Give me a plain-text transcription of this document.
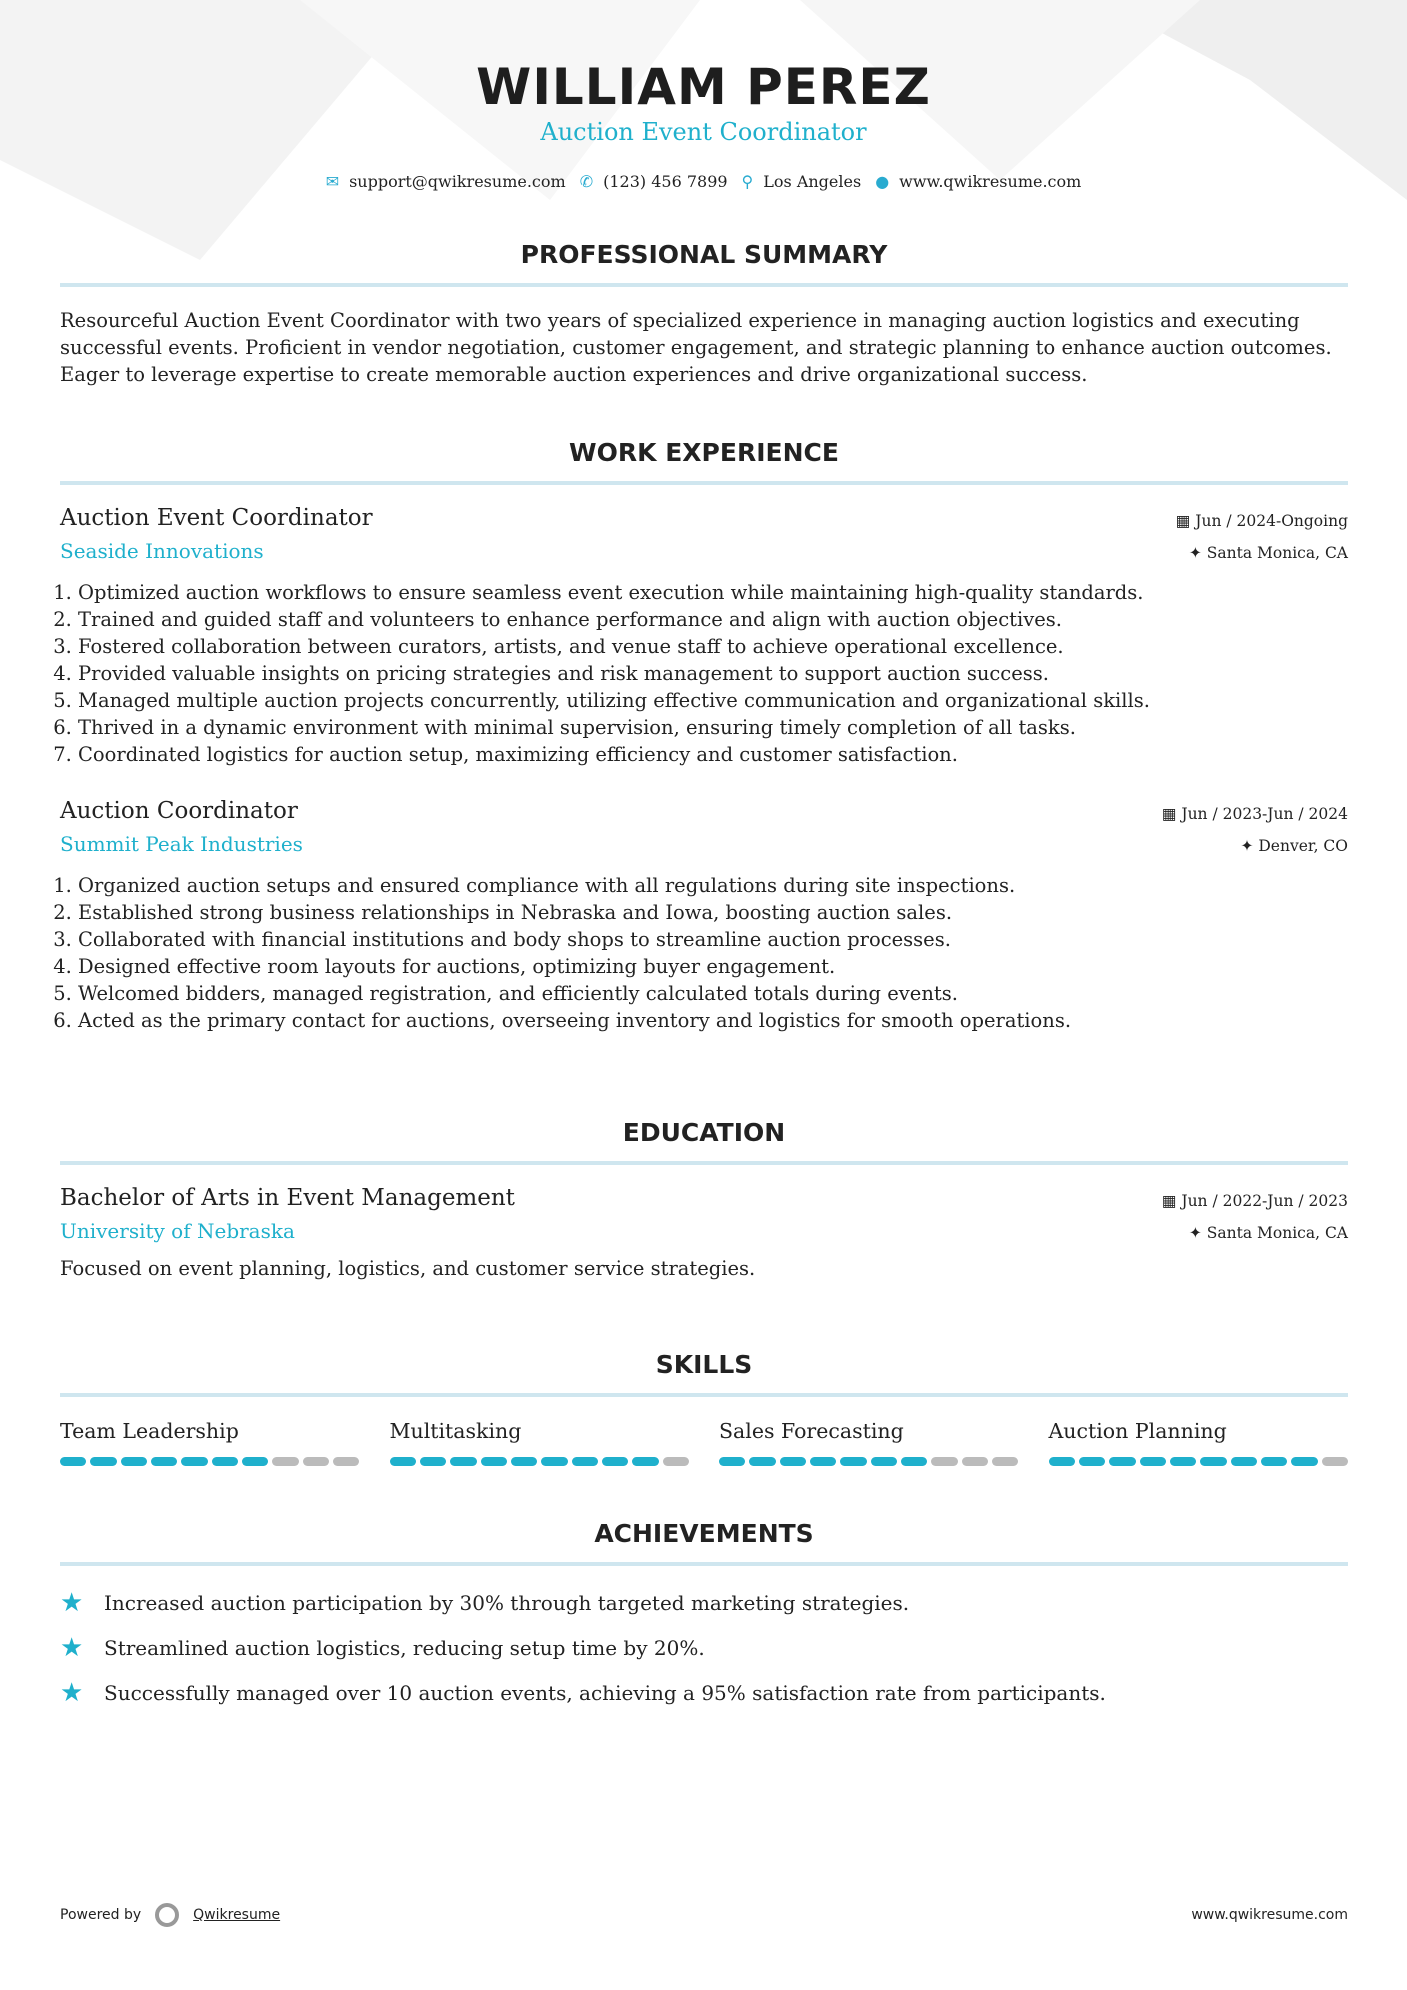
WILLIAM PEREZ
Auction Event Coordinator
✉ support@qwikresume.com ✆ (123) 456 7899 ⚲ Los Angeles ● www.qwikresume.com
PROFESSIONAL SUMMARY
Resourceful Auction Event Coordinator with two years of specialized experience in managing auction logistics and executing successful events. Proficient in vendor negotiation, customer engagement, and strategic planning to enhance auction outcomes. Eager to leverage expertise to create memorable auction experiences and drive organizational success.
WORK EXPERIENCE
Auction Event Coordinator
Seaside Innovations
▦ Jun / 2024-Ongoing
✦ Santa Monica, CA
1. Optimized auction workflows to ensure seamless event execution while maintaining high-quality standards.
2. Trained and guided staff and volunteers to enhance performance and align with auction objectives.
3. Fostered collaboration between curators, artists, and venue staff to achieve operational excellence.
4. Provided valuable insights on pricing strategies and risk management to support auction success.
5. Managed multiple auction projects concurrently, utilizing effective communication and organizational skills.
6. Thrived in a dynamic environment with minimal supervision, ensuring timely completion of all tasks.
7. Coordinated logistics for auction setup, maximizing efficiency and customer satisfaction.
Auction Coordinator
Summit Peak Industries
▦ Jun / 2023-Jun / 2024
✦ Denver, CO
1. Organized auction setups and ensured compliance with all regulations during site inspections.
2. Established strong business relationships in Nebraska and Iowa, boosting auction sales.
3. Collaborated with financial institutions and body shops to streamline auction processes.
4. Designed effective room layouts for auctions, optimizing buyer engagement.
5. Welcomed bidders, managed registration, and efficiently calculated totals during events.
6. Acted as the primary contact for auctions, overseeing inventory and logistics for smooth operations.
EDUCATION
Bachelor of Arts in Event Management
University of Nebraska
▦ Jun / 2022-Jun / 2023
✦ Santa Monica, CA
Focused on event planning, logistics, and customer service strategies.
SKILLS
Team Leadership	Multitasking	Sales Forecasting	Auction Planning
ACHIEVEMENTS
★	Increased auction participation by 30% through targeted marketing strategies.
★	Streamlined auction logistics, reducing setup time by 20%.
★	Successfully managed over 10 auction events, achieving a 95% satisfaction rate from participants.
Powered by	Qwikresume	www.qwikresume.com
